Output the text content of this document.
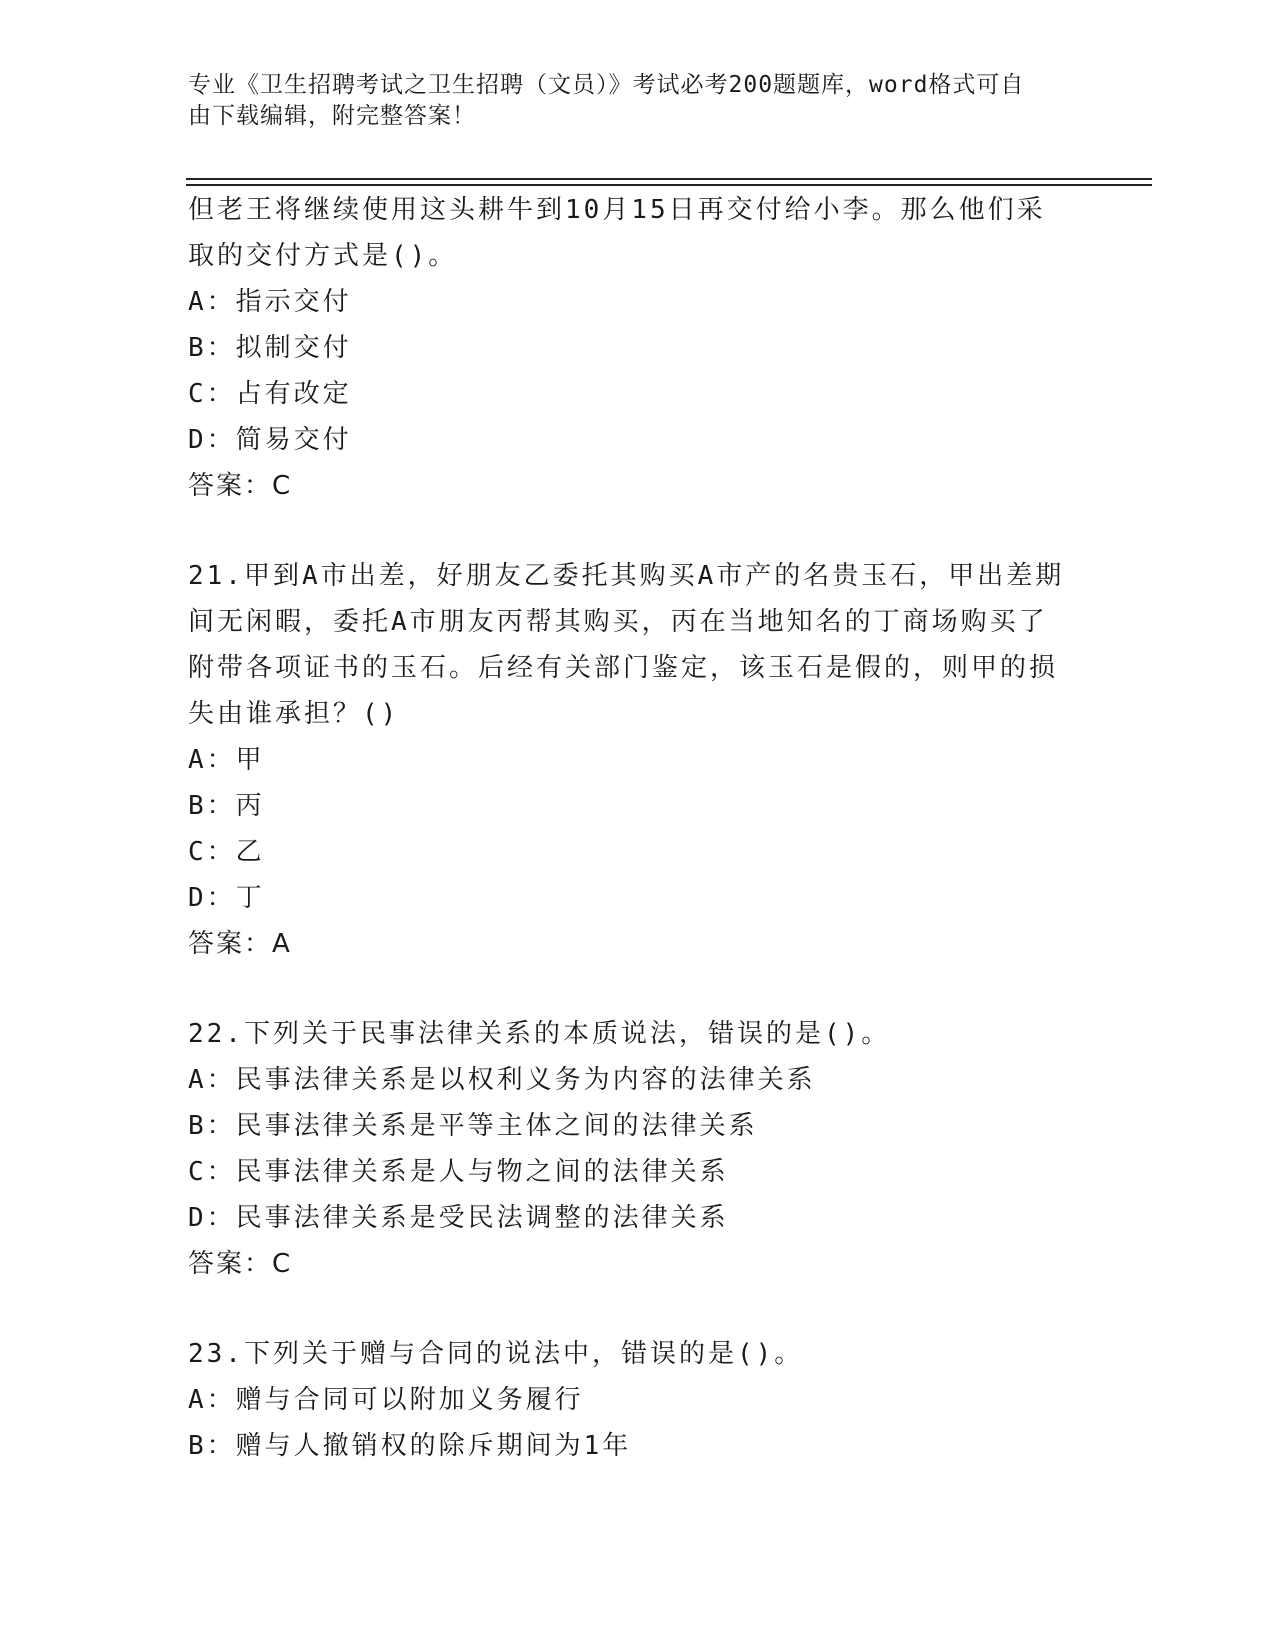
专业《卫生招聘考试之卫生招聘（文员）》考试必考200题题库，word格式可自
由下载编辑，附完整答案！
但老王将继续使用这头耕牛到10月15日再交付给小李。那么他们采
取的交付方式是()。
A：指示交付
B：拟制交付
C：占有改定
D：简易交付
答案：C
21.甲到A市出差，好朋友乙委托其购买A市产的名贵玉石，甲出差期
间无闲暇，委托A市朋友丙帮其购买，丙在当地知名的丁商场购买了
附带各项证书的玉石。后经有关部门鉴定，该玉石是假的，则甲的损
失由谁承担？()
A：甲
B：丙
C：乙
D：丁
答案：A
22.下列关于民事法律关系的本质说法，错误的是()。
A：民事法律关系是以权利义务为内容的法律关系
B：民事法律关系是平等主体之间的法律关系
C：民事法律关系是人与物之间的法律关系
D：民事法律关系是受民法调整的法律关系
答案：C
23.下列关于赠与合同的说法中，错误的是()。
A：赠与合同可以附加义务履行
B：赠与人撤销权的除斥期间为1年
